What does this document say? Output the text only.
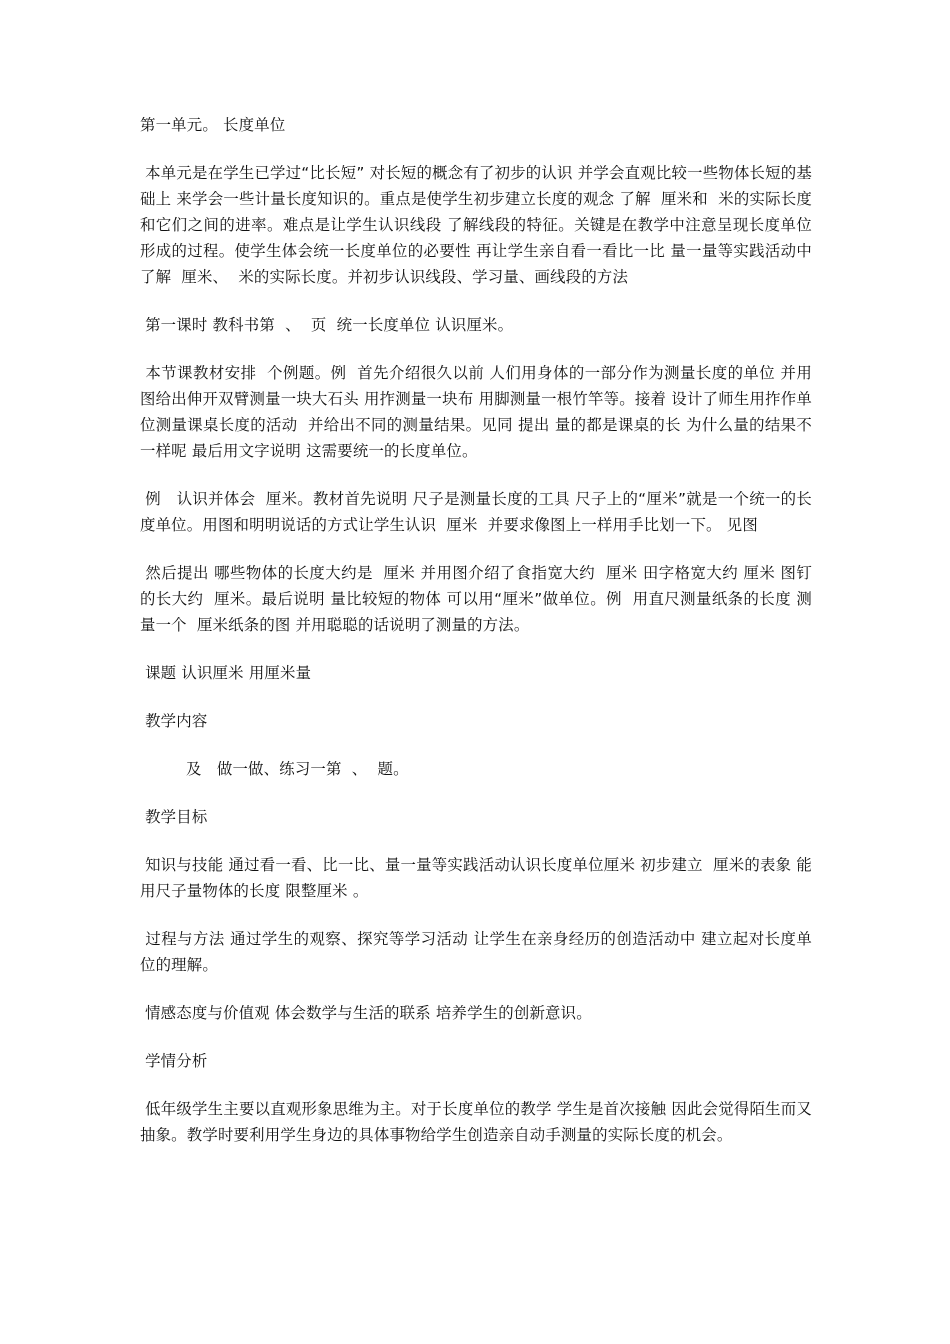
第一单元。 长度单位

本单元是在学生已学过“比长短” 对长短的概念有了初步的认识 并学会直观比较一些物体长短的基础上 来学会一些计量长度知识的。重点是使学生初步建立长度的观念 了解  厘米和  米的实际长度和它们之间的进率。难点是让学生认识线段 了解线段的特征。关键是在教学中注意呈现长度单位形成的过程。使学生体会统一长度单位的必要性 再让学生亲自看一看比一比 量一量等实践活动中 了解  厘米、  米的实际长度。并初步认识线段、学习量、画线段的方法

第一课时 教科书第  、  页  统一长度单位 认识厘米。

本节课教材安排  个例题。例  首先介绍很久以前 人们用身体的一部分作为测量长度的单位 并用图给出伸开双臂测量一块大石头 用拃测量一块布 用脚测量一根竹竿等。接着 设计了师生用拃作单位测量课桌长度的活动  并给出不同的测量结果。见同 提出 量的都是课桌的长 为什么量的结果不一样呢 最后用文字说明 这需要统一的长度单位。

例   认识并体会  厘米。教材首先说明 尺子是测量长度的工具 尺子上的“厘米”就是一个统一的长度单位。用图和明明说话的方式让学生认识  厘米  并要求像图上一样用手比划一下。 见图

然后提出 哪些物体的长度大约是  厘米 并用图介绍了食指宽大约  厘米 田字格宽大约 厘米 图钉的长大约  厘米。最后说明 量比较短的物体 可以用“厘米”做单位。例  用直尺测量纸条的长度 测量一个  厘米纸条的图 并用聪聪的话说明了测量的方法。

课题 认识厘米 用厘米量

教学内容

及   做一做、练习一第  、  题。

教学目标

知识与技能 通过看一看、比一比、量一量等实践活动认识长度单位厘米 初步建立  厘米的表象 能用尺子量物体的长度 限整厘米 。

过程与方法 通过学生的观察、探究等学习活动 让学生在亲身经历的创造活动中 建立起对长度单位的理解。

情感态度与价值观 体会数学与生活的联系 培养学生的创新意识。

学情分析

低年级学生主要以直观形象思维为主。对于长度单位的教学 学生是首次接触 因此会觉得陌生而又抽象。教学时要利用学生身边的具体事物给学生创造亲自动手测量的实际长度的机会。
